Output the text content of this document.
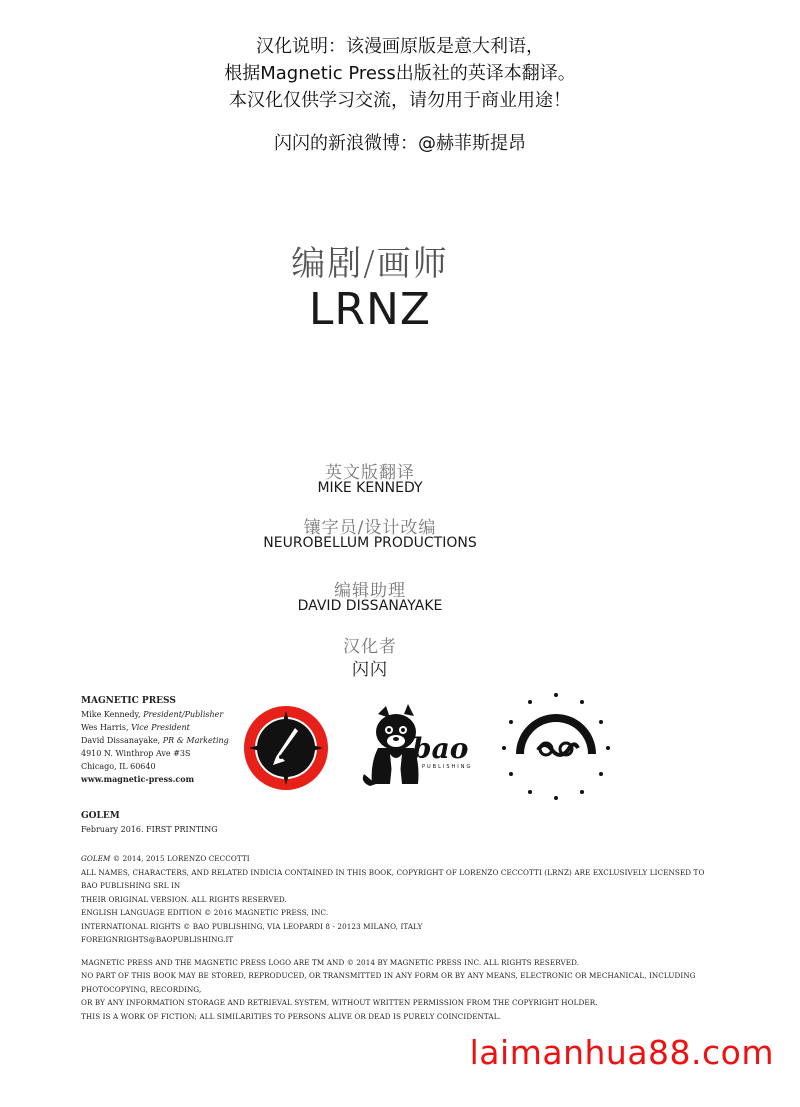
汉化说明：该漫画原版是意大利语，
根据Magnetic Press出版社的英译本翻译。
本汉化仅供学习交流，请勿用于商业用途！
闪闪的新浪微博：@赫菲斯提昂
编剧/画师
LRNZ
英文版翻译
MIKE KENNEDY
镶字员/设计改编
NEUROBELLUM PRODUCTIONS
编辑助理
DAVID DISSANAYAKE
汉化者
闪闪
MAGNETIC PRESS
Mike Kennedy, President/Publisher
Wes Harris, Vice President
David Dissanayake, PR & Marketing
4910 N. Winthrop Ave #3S
Chicago, IL 60640
www.magnetic-press.com
GOLEM
February 2016. FIRST PRINTING
GOLEM © 2014, 2015 LORENZO CECCOTTI
ALL NAMES, CHARACTERS, AND RELATED INDICIA CONTAINED IN THIS BOOK, COPYRIGHT OF LORENZO CECCOTTI (LRNZ) ARE EXCLUSIVELY LICENSED TO BAO PUBLISHING SRL IN
THEIR ORIGINAL VERSION. ALL RIGHTS RESERVED.
ENGLISH LANGUAGE EDITION © 2016 MAGNETIC PRESS, INC.
INTERNATIONAL RIGHTS © BAO PUBLISHING, VIA LEOPARDI 8 - 20123 MILANO, ITALY
FOREIGNRIGHTS@BAOPUBLISHING.IT
MAGNETIC PRESS AND THE MAGNETIC PRESS LOGO ARE TM AND © 2014 BY MAGNETIC PRESS INC. ALL RIGHTS RESERVED.
NO PART OF THIS BOOK MAY BE STORED, REPRODUCED, OR TRANSMITTED IN ANY FORM OR BY ANY MEANS, ELECTRONIC OR MECHANICAL, INCLUDING PHOTOCOPYING, RECORDING,
OR BY ANY INFORMATION STORAGE AND RETRIEVAL SYSTEM, WITHOUT WRITTEN PERMISSION FROM THE COPYRIGHT HOLDER.
THIS IS A WORK OF FICTION; ALL SIMILARITIES TO PERSONS ALIVE OR DEAD IS PURELY COINCIDENTAL.
bao
PUBLISHING
laimanhua88.com
